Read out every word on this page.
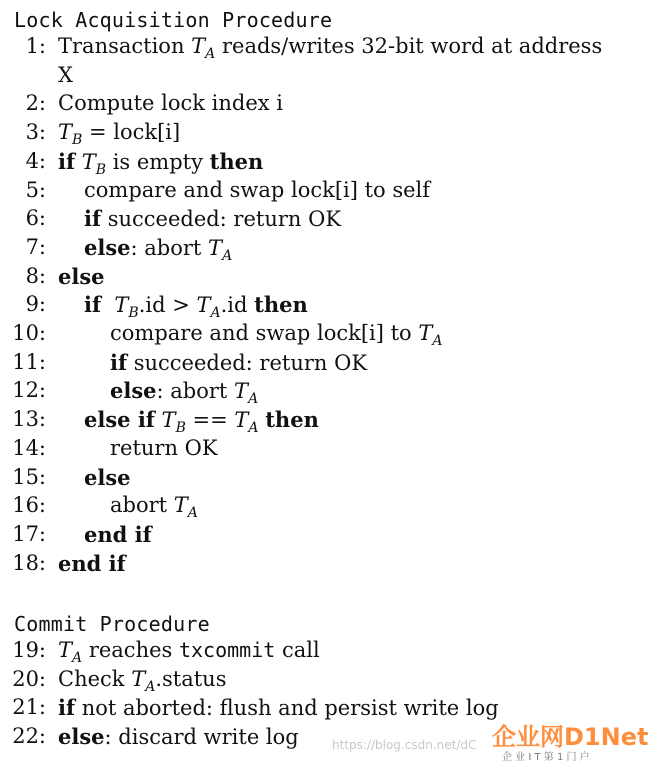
Lock Acquisition Procedure
1: Transaction $T_A$ reads/writes 32-bit word at address
X
2: Compute lock index i
3: $T_B$ = lock[i]
4: if $T_B$ is empty then
5: compare and swap lock[i] to self
6: if succeeded: return OK
7: else: abort $T_A$
8: else
9: if $T_B.id > T_A.id$ then
10:	compare and swap lock[i] to $T_A$
11:	if succeeded: return OK
12:	else: abort $T_A$
13: else if $T_B == T_A$ then
14:	return OK
15: else
16:	abort $T_A$
17: end if
18: end if
Commit Procedure
19: $T_A$ reaches txcommit call
20: Check $T_A.status$
21: if not aborted: flush and persist write log
22: else: discard write log	https://blog.csdn.net/dC 企业网D1Net
企 业 I T 第 1 门 户
